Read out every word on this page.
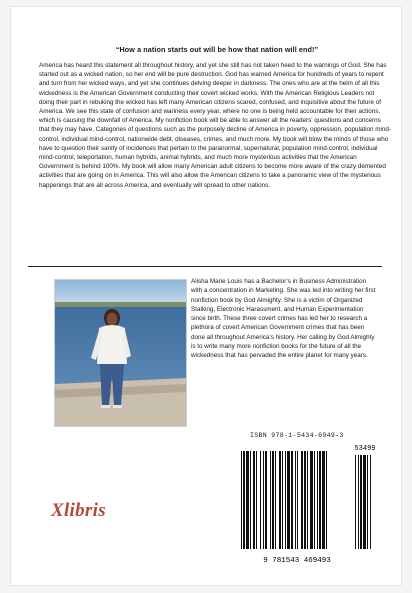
“How a nation starts out will be how that nation will end!”

America has heard this statement all throughout history, and yet she still has not taken heed to the warnings of God. She has started out as a wicked nation, so her end will be pure destruction. God has warned America for hundreds of years to repent and turn from her wicked ways, and yet she continues delving deeper in darkness. The ones who are at the helm of all this wickedness is the American Government conducting their covert wicked works. With the American Religious Leaders not doing their part in rebuking the wicked has left many American citizens scared, confused, and inquisitive about the future of America. We see this state of confusion and wariness every year, where no one is being held accountable for their actions, which is causing the downfall of America. My nonfiction book will be able to answer all the readers’ questions and concerns that they may have. Categories of questions such as the purposely decline of America in poverty, oppression, population mind-control, individual mind-control, nationwide debt, diseases, crimes, and much more. My book will blow the minds of those who have to question their sanity of incidences that pertain to the paranormal, supernatural, population mind-control, individual mind-control, teleportation, human hybrids, animal hybrids, and much more mysterious activities that the American Government is behind 100%. My book will allow many American adult citizens to become more aware of the crazy demented activities that are going on in America. This will also allow the American citizens to take a panoramic view of the mysterious happenings that are all across America, and eventually will spread to other nations.

Alisha Marie Louis has a Bachelor’s in Business Administration with a concentration in Marketing. She was led into writing her first nonfiction book by God Almighty. She is a victim of Organized Stalking, Electronic Harassment, and Human Experimentation since birth. These three covert crimes has led her to research a plethora of covert American Government crimes that has been done all throughout America’s history. Her calling by God Almighty is to write many more nonfiction books for the future of all the wickedness that has pervaded the entire planet for many years.

ISBN 978-1-5434-6949-3
53499
9 781543 469493
Xlibris
